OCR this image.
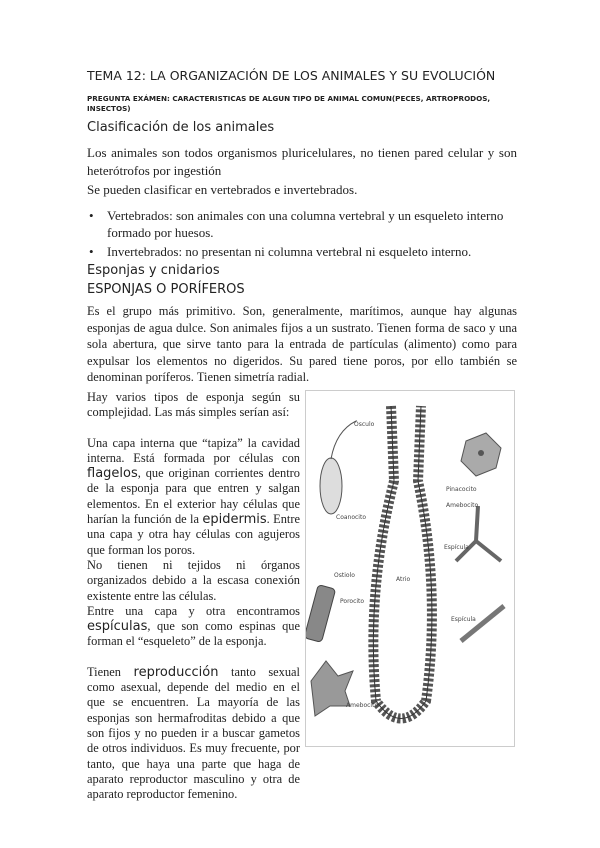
TEMA 12: LA ORGANIZACIÓN DE LOS ANIMALES Y SU EVOLUCIÓN
PREGUNTA EXÁMEN: CARACTERISTICAS DE ALGUN TIPO DE ANIMAL COMUN(PECES, ARTROPRODOS, INSECTOS)
Clasificación de los animales
Los animales son todos organismos pluricelulares, no tienen pared celular y son heterótrofos por ingestión
Se pueden clasificar en vertebrados e invertebrados.
•	Vertebrados: son animales con una columna vertebral y un esqueleto interno formado por huesos.
•	Invertebrados: no presentan ni columna vertebral ni esqueleto interno.
Esponjas y cnidarios
ESPONJAS O PORÍFEROS
Es el grupo más primitivo. Son, generalmente, marítimos, aunque hay algunas esponjas de agua dulce. Son animales fijos a un sustrato. Tienen forma de saco y una sola abertura, que sirve tanto para la entrada de partículas (alimento) como para expulsar los elementos no digeridos. Su pared tiene poros, por ello también se denominan poríferos. Tienen simetría radial.

Hay varios tipos de esponja según su complejidad. Las más simples serían así:

Una capa interna que “tapiza” la cavidad interna. Está formada por células con flagelos, que originan corrientes dentro de la esponja para que entren y salgan elementos. En el exterior hay células que harían la función de la epidermis. Entre una capa y otra hay células con agujeros que forman los poros.

No tienen ni tejidos ni órganos organizados debido a la escasa conexión existente entre las células.

Entre una capa y otra encontramos espículas, que son como espinas que forman el “esqueleto” de la esponja.

Tienen reproducción tanto sexual como asexual, depende del medio en el que se encuentren. La mayoría de las esponjas son hermafroditas debido a que son fijos y no pueden ir a buscar gametos de otros individuos. Es muy frecuente, por tanto, que haya una parte que haga de aparato reproductor masculino y otra de aparato reproductor femenino.

Ósculo
Pinacocito
Amebocito
Coanocito
Espícula
Ostiolo
Porocito
Atrio
Espícula
Amebocito
